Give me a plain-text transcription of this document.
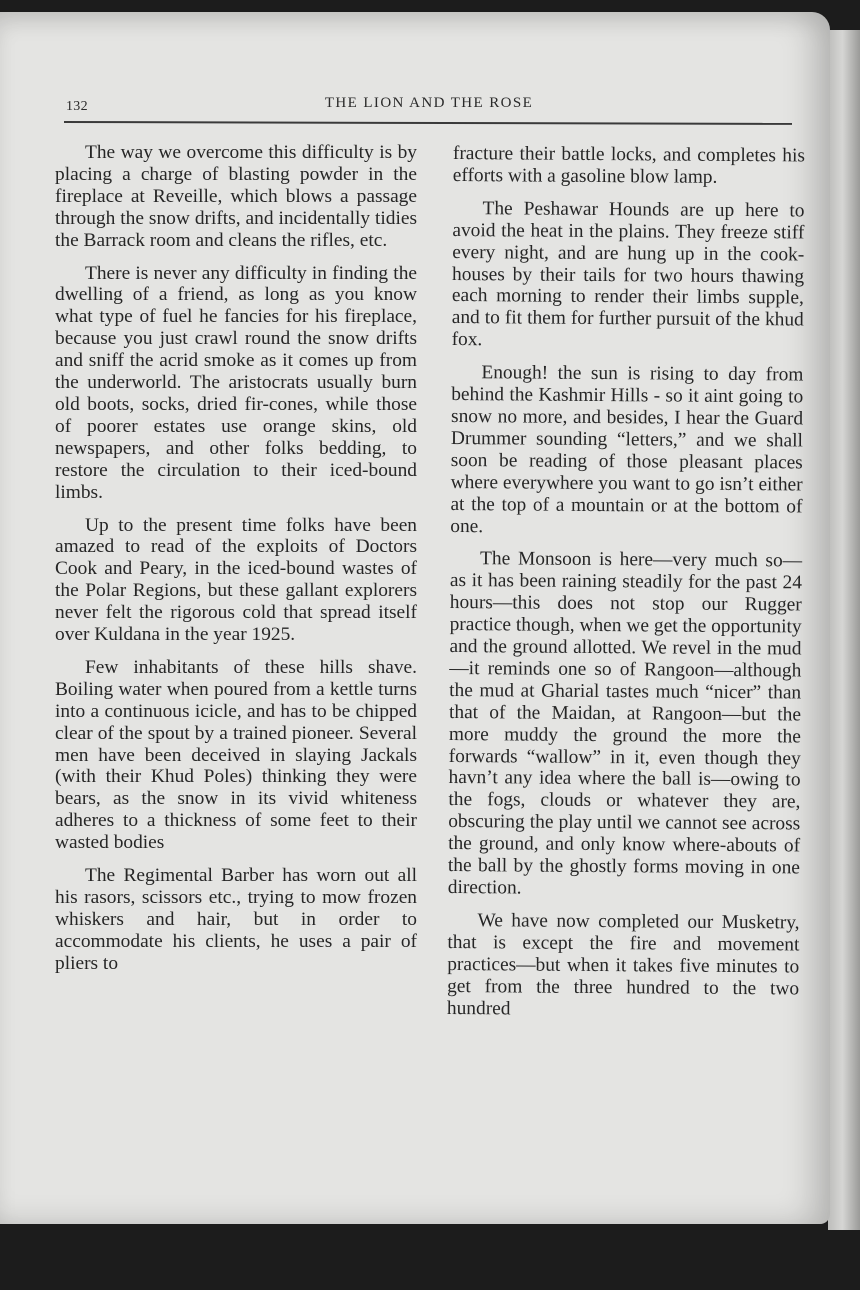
132	THE LION AND THE ROSE

The way we overcome this difficulty is by placing a charge of blasting powder in the fireplace at Reveille, which blows a passage through the snow drifts, and incidentally tidies the Barrack room and cleans the rifles, etc.

There is never any difficulty in finding the dwelling of a friend, as long as you know what type of fuel he fancies for his fireplace, because you just crawl round the snow drifts and sniff the acrid smoke as it comes up from the underworld. The aristocrats usually burn old boots, socks, dried fir-cones, while those of poorer estates use orange skins, old newspapers, and other folks bedding, to restore the circulation to their iced-bound limbs.

Up to the present time folks have been amazed to read of the exploits of Doctors Cook and Peary, in the iced-bound wastes of the Polar Regions, but these gallant explorers never felt the rigorous cold that spread itself over Kuldana in the year 1925.

Few inhabitants of these hills shave. Boiling water when poured from a kettle turns into a continuous icicle, and has to be chipped clear of the spout by a trained pioneer. Several men have been deceived in slaying Jackals (with their Khud Poles) thinking they were bears, as the snow in its vivid whiteness adheres to a thickness of some feet to their wasted bodies

The Regimental Barber has worn out all his rasors, scissors etc., trying to mow frozen whiskers and hair, but in order to accommodate his clients, he uses a pair of pliers to

fracture their battle locks, and completes his efforts with a gasoline blow lamp.

The Peshawar Hounds are up here to avoid the heat in the plains. They freeze stiff every night, and are hung up in the cook-houses by their tails for two hours thawing each morning to render their limbs supple, and to fit them for further pursuit of the khud fox.

Enough! the sun is rising to day from behind the Kashmir Hills - so it aint going to snow no more, and besides, I hear the Guard Drummer sounding “letters,” and we shall soon be reading of those pleasant places where everywhere you want to go isn’t either at the top of a mountain or at the bottom of one.

The Monsoon is here—very much so—as it has been raining steadily for the past 24 hours—this does not stop our Rugger practice though, when we get the opportunity and the ground allotted. We revel in the mud—it reminds one so of Rangoon—although the mud at Gharial tastes much “nicer” than that of the Maidan, at Rangoon—but the more muddy the ground the more the forwards “wallow” in it, even though they havn’t any idea where the ball is—owing to the fogs, clouds or whatever they are, obscuring the play until we cannot see across the ground, and only know where-abouts of the ball by the ghostly forms moving in one direction.

We have now completed our Musketry, that is except the fire and movement practices—but when it takes five minutes to get from the three hundred to the two hundred
